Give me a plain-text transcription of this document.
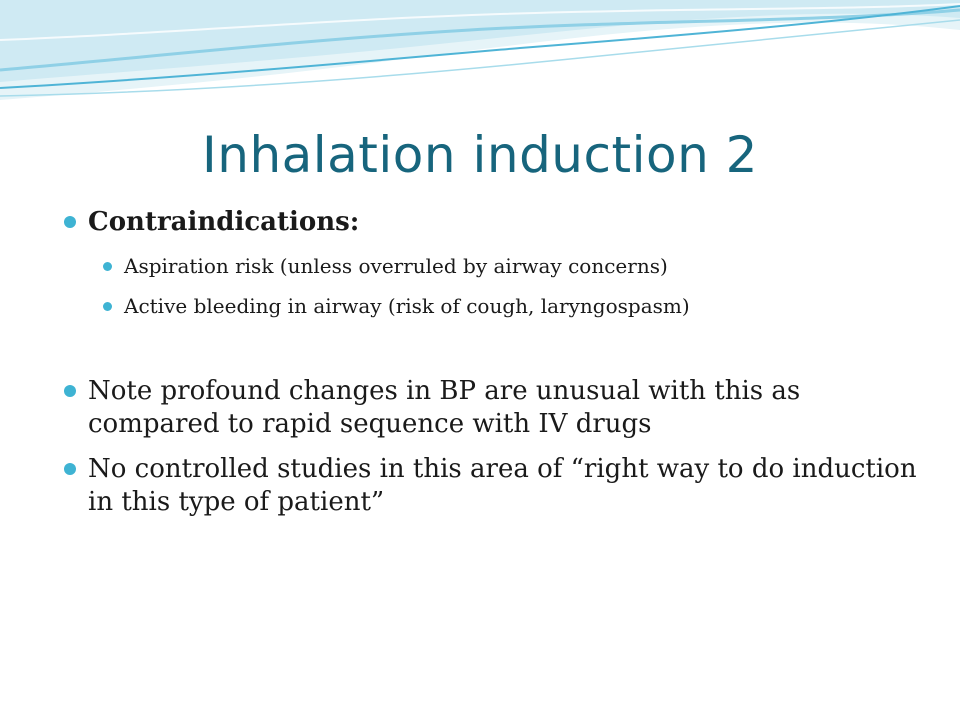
Inhalation induction 2
Contraindications:
Aspiration risk (unless overruled by airway concerns)
Active bleeding in airway (risk of cough, laryngospasm)
Note profound changes in BP are unusual with this as compared to rapid sequence with IV drugs
No controlled studies in this area of “right way to do induction in this type of patient”
